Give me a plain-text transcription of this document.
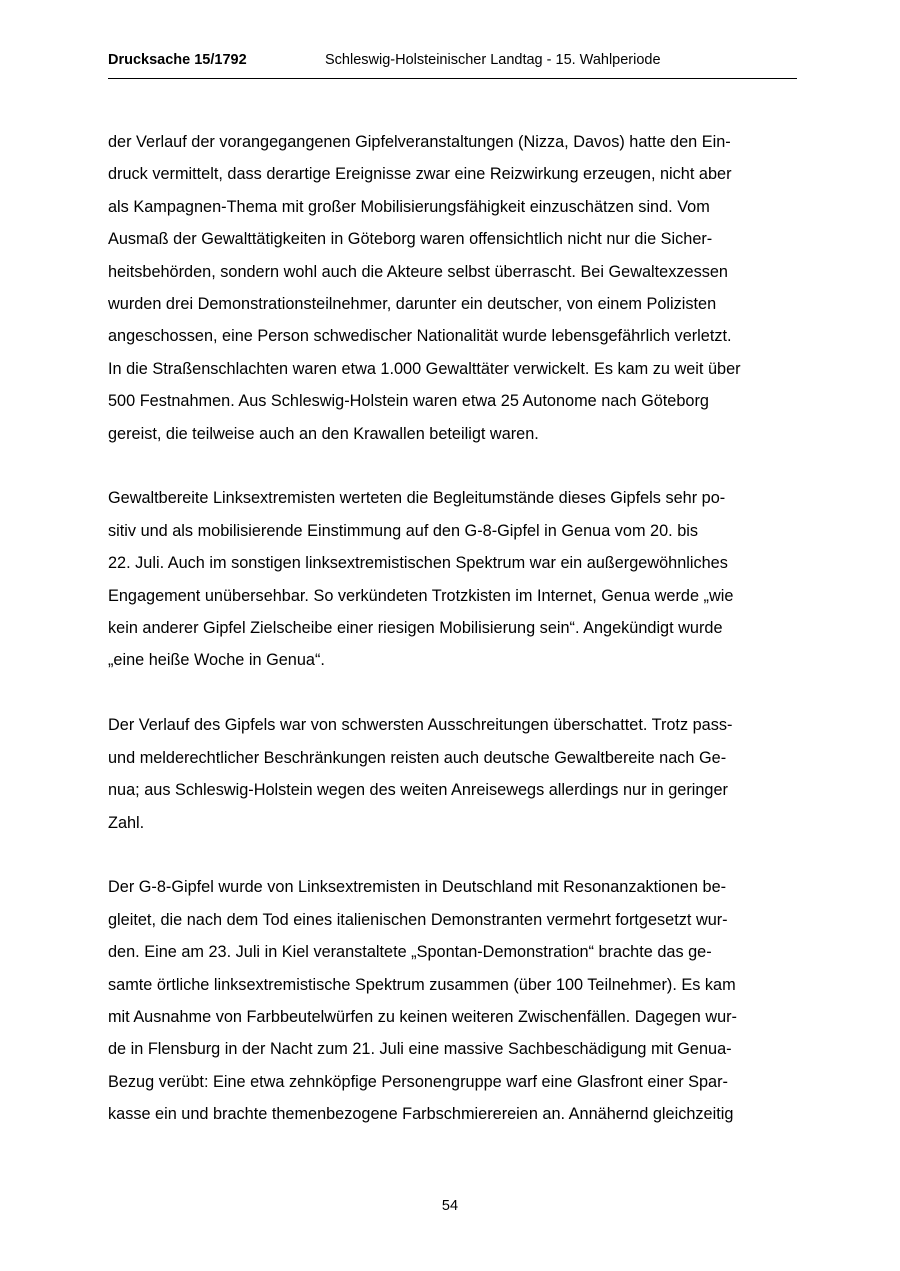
Drucksache 15/1792	Schleswig-Holsteinischer Landtag - 15. Wahlperiode

der Verlauf der vorangegangenen Gipfelveranstaltungen (Nizza, Davos) hatte den Ein-
druck vermittelt, dass derartige Ereignisse zwar eine Reizwirkung erzeugen, nicht aber
als Kampagnen-Thema mit großer Mobilisierungsfähigkeit einzuschätzen sind. Vom
Ausmaß der Gewalttätigkeiten in Göteborg waren offensichtlich nicht nur die Sicher-
heitsbehörden, sondern wohl auch die Akteure selbst überrascht. Bei Gewaltexzessen
wurden drei Demonstrationsteilnehmer, darunter ein deutscher, von einem Polizisten
angeschossen, eine Person schwedischer Nationalität wurde lebensgefährlich verletzt.
In die Straßenschlachten waren etwa 1.000 Gewalttäter verwickelt. Es kam zu weit über
500 Festnahmen. Aus Schleswig-Holstein waren etwa 25 Autonome nach Göteborg
gereist, die teilweise auch an den Krawallen beteiligt waren.

Gewaltbereite Linksextremisten werteten die Begleitumstände dieses Gipfels sehr po-
sitiv und als mobilisierende Einstimmung auf den G-8-Gipfel in Genua vom 20. bis
22. Juli. Auch im sonstigen linksextremistischen Spektrum war ein außergewöhnliches
Engagement unübersehbar. So verkündeten Trotzkisten im Internet, Genua werde „wie
kein anderer Gipfel Zielscheibe einer riesigen Mobilisierung sein“. Angekündigt wurde
„eine heiße Woche in Genua“.

Der Verlauf des Gipfels war von schwersten Ausschreitungen überschattet. Trotz pass-
und melderechtlicher Beschränkungen reisten auch deutsche Gewaltbereite nach Ge-
nua; aus Schleswig-Holstein wegen des weiten Anreisewegs allerdings nur in geringer
Zahl.

Der G-8-Gipfel wurde von Linksextremisten in Deutschland mit Resonanzaktionen be-
gleitet, die nach dem Tod eines italienischen Demonstranten vermehrt fortgesetzt wur-
den. Eine am 23. Juli in Kiel veranstaltete „Spontan-Demonstration“ brachte das ge-
samte örtliche linksextremistische Spektrum zusammen (über 100 Teilnehmer). Es kam
mit Ausnahme von Farbbeutelwürfen zu keinen weiteren Zwischenfällen. Dagegen wur-
de in Flensburg in der Nacht zum 21. Juli eine massive Sachbeschädigung mit Genua-
Bezug verübt: Eine etwa zehnköpfige Personengruppe warf eine Glasfront einer Spar-
kasse ein und brachte themenbezogene Farbschmierereien an. Annähernd gleichzeitig

54
